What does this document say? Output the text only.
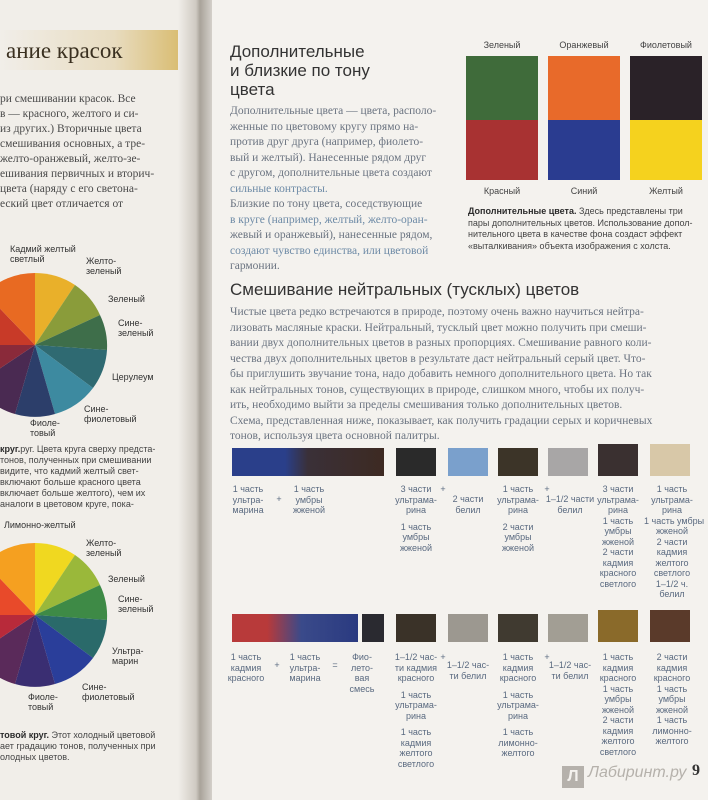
ание красок
ри смешивании красок. Все
в — красного, желтого и си-
из других.) Вторичные цвета
смешивания основных, а тре-
желто-оранжевый, желто-зе-
ешивания первичных и вторич-
цвета (наряду с его светона-
еский цвет отличается от
Кадмий желтый
светлый	Желто-
зеленый
Зеленый
Сине-
зеленый
Церулеум
Сине-
фиолетовый
Фиоле-
товый
круг.руг. Цвета круга сверху предста-
тонов, полученных при смешивании
видите, что кадмий желтый свет-
включают больше красного цвета
включает больше желтого), чем их
аналоги в цветовом круге, пока-
Лимонно-желтый
Желто-
зеленый
Зеленый
Сине-
зеленый
Ультра-
марин
Сине-
фиолетовый
Фиоле-
товый
товой круг. Этот холодный цветовой
ает градацию тонов, полученных при
олодных цветов.
Дополнительные
и близкие по тону
цвета
Дополнительные цвета — цвета, располо-
женные по цветовому кругу прямо на-
против друг друга (например, фиолето-
вый и желтый). Нанесенные рядом друг
с другом, дополнительные цвета создают
сильные контрасты.
Близкие по тону цвета, соседствующие
в круге (например, желтый, желто-оран-
жевый и оранжевый), нанесенные рядом,
создают чувство единства, или цветовой
гармонии.
Зеленый
Красный
Оранжевый
Синий
Фиолетовый
Желтый
Дополнительные цвета. Здесь представлены три
пары дополнительных цветов. Использование допол-
нительного цвета в качестве фона создаст эффект
«выталкивания» объекта изображения с холста.
Смешивание нейтральных (тусклых) цветов
Чистые цвета редко встречаются в природе, поэтому очень важно научиться нейтра-
лизовать масляные краски. Нейтральный, тусклый цвет можно получить при смеши-
вании двух дополнительных цветов в разных пропорциях. Смешивание равного коли-
чества двух дополнительных цветов в результате даст нейтральный серый цвет. Что-
бы приглушить звучание тона, надо добавить немного дополнительного цвета. Но так
как нейтральных тонов, существующих в природе, слишком много, чтобы их получ-
ить, необходимо выйти за пределы смешивания только дополнительных цветов.
Схема, представленная ниже, показывает, как получить градации серых и коричневых
тонов, используя цвета основной палитры.
1 часть
ультра-
марина
+
1 часть
умбры
жженой
3 части
ультрама-
рина
1 часть
умбры
жженой
+
2 части
белил
1 часть
ультрама-
рина
2 части
умбры
жженой
+
1–1/2 части
белил
3 части
ультрама-
рина
1 часть
умбры
жженой
2 части
кадмия
красного
светлого
1 часть
ультрама-
рина
1 часть умбры
жженой
2 части
кадмия
желтого
светлого
1–1/2 ч.
белил
1 часть
кадмия
красного
+
1 часть
ультра-
марина
=
Фио-
лето-
вая
смесь
1–1/2 час-
ти кадмия
красного
1 часть
ультрама-
рина
1 часть
кадмия
желтого
светлого
+
1–1/2 час-
ти белил
1 часть
кадмия
красного
1 часть
ультрама-
рина
1 часть
лимонно-
желтого
+
1–1/2 час-
ти белил
1 часть
кадмия
красного
1 часть
умбры
жженой
2 части
кадмия
желтого
светлого
2 части
кадмия
красного
1 часть
умбры
жженой
1 часть
лимонно-
желтого
9
Л Лабиринт.ру
